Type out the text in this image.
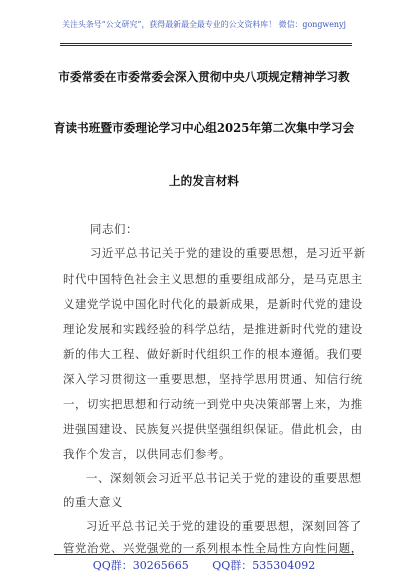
关注头条号“公文研究”，获得最新最全最专业的公文资料库！ 微信：gongwenyj
市委常委在市委常委会深入贯彻中央八项规定精神学习教
育读书班暨市委理论学习中心组2025年第二次集中学习会
上的发言材料
同志们：
习近平总书记关于党的建设的重要思想，是习近平新
时代中国特色社会主义思想的重要组成部分，是马克思主
义建党学说中国化时代化的最新成果，是新时代党的建设
理论发展和实践经验的科学总结，是推进新时代党的建设
新的伟大工程、做好新时代组织工作的根本遵循。我们要
深入学习贯彻这一重要思想，坚持学思用贯通、知信行统
一，切实把思想和行动统一到党中央决策部署上来，为推
进强国建设、民族复兴提供坚强组织保证。借此机会，由
我作个发言，以供同志们参考。
一、深刻领会习近平总书记关于党的建设的重要思想
的重大意义
习近平总书记关于党的建设的重要思想，深刻回答了
管党治党、兴党强党的一系列根本性全局性方向性问题，
QQ群：30265665 QQ群：535304092
